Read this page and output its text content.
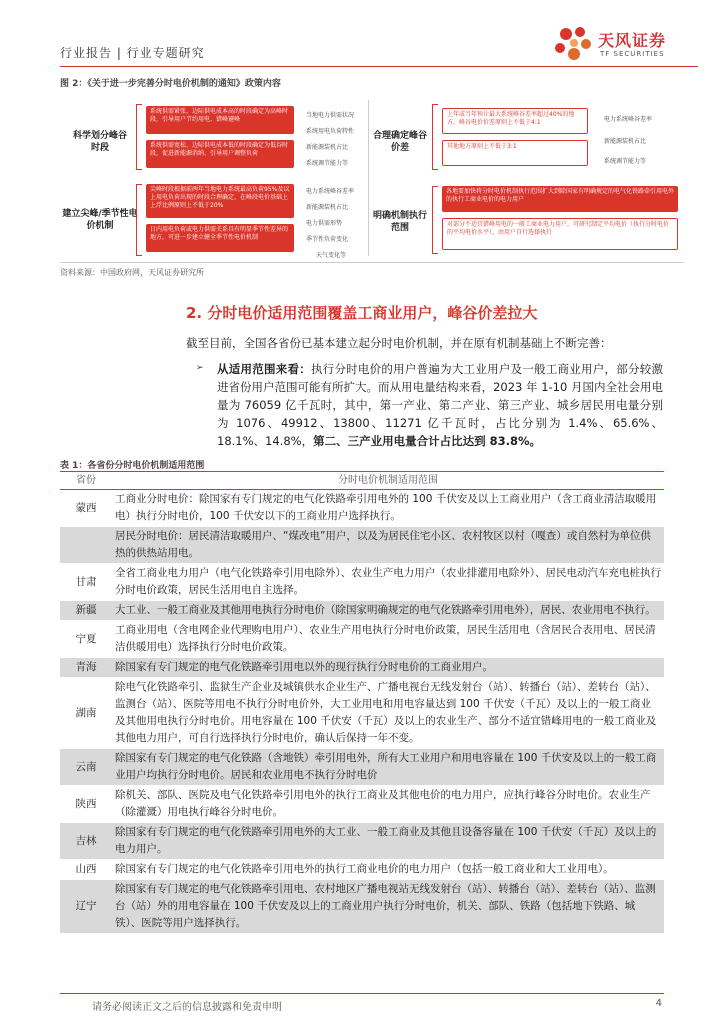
行业报告 | 行业专题研究
天风证券
TF SECURITIES
图 2：《关于进一步完善分时电价机制的通知》政策内容
科学划分峰谷时段
系统供需紧张、边际供电成本高的时段确定为高峰时段，引导用户节约用电、错峰避峰
系统供需宽松、边际供电成本低的时段确定为低谷时段，促进新能源消纳、引导用户调整负荷
当地电力供需状况
系统用电负荷特性
新能源装机占比
系统调节能力等
建立尖峰/季节性电价机制
尖峰时段根据前两年当地电力系统最高负荷95%及以上用电负荷出现的时段合理确定，在峰段电价基础上上浮比例原则上不低于20%
日内用电负荷或电力供需关系具有明显季节性差异的地方，可进一步建立健全季节性电价机制
电力系统峰谷差率
新能源装机占比
电力供需形势
季节性负荷变化
天气变化等
合理确定峰谷价差
上年或当年预计最大系统峰谷差率超过40%的地方，峰谷电价价差原则上不低于4:1
其他地方原则上不低于3:1
电力系统峰谷差率
新能源装机占比
系统调节能力等
明确机制执行范围
各地要加快将分时电价机制执行范围扩大到除国家有明确规定的电气化铁路牵引用电外的执行工商业电价的电力用户
对部分不适宜错峰用电的一般工商业电力用户，可研究制定平均电价（执行分时电价的平均电价水平），由用户自行选择执行
资料来源：中国政府网，天风证券研究所
2. 分时电价适用范围覆盖工商业用户，峰谷价差拉大
截至目前，全国各省份已基本建立起分时电价机制，并在原有机制基础上不断完善：
➢ 从适用范围来看：执行分时电价的用户普遍为大工业用户及一般工商业用户，部分较激进省份用户范围可能有所扩大。而从用电量结构来看，2023 年 1-10 月国内全社会用电量为 76059 亿千瓦时，其中，第一产业、第二产业、第三产业、城乡居民用电量分别为 1076、49912、13800、11271 亿千瓦时，占比分别为 1.4%、65.6%、18.1%、14.8%，第二、三产业用电量合计占比达到 83.8%。
表 1：各省份分时电价机制适用范围
省份	分时电价机制适用范围
蒙西	工商业分时电价：除国家有专门规定的电气化铁路牵引用电外的 100 千伏安及以上工商业用户（含工商业清洁取暖用电）执行分时电价，100 千伏安以下的工商业用户选择执行。
	居民分时电价：居民清洁取暖用户、“煤改电”用户，以及为居民住宅小区、农村牧区以村（嘎查）或自然村为单位供热的供热站用电。
甘肃	全省工商业电力用户（电气化铁路牵引用电除外）、农业生产电力用户（农业排灌用电除外）、居民电动汽车充电桩执行分时电价政策，居民生活用电自主选择。
新疆	大工业、一般工商业及其他用电执行分时电价（除国家明确规定的电气化铁路牵引用电外），居民、农业用电不执行。
宁夏	工商业用电（含电网企业代理购电用户）、农业生产用电执行分时电价政策，居民生活用电（含居民合表用电、居民清洁供暖用电）选择执行分时电价政策。
青海	除国家有专门规定的电气化铁路牵引用电以外的现行执行分时电价的工商业用户。
湖南	除电气化铁路牵引、监狱生产企业及城镇供水企业生产、广播电视台无线发射台（站）、转播台（站）、差转台（站）、监测台（站）、医院等用电不执行分时电价外，大工业用电和用电容量达到 100 千伏安（千瓦）及以上的一般工商业及其他用电执行分时电价。用电容量在 100 千伏安（千瓦）及以上的农业生产、部分不适宜错峰用电的一般工商业及其他电力用户，可自行选择执行分时电价，确认后保持一年不变。
云南	除国家有专门规定的电气化铁路（含地铁）牵引用电外，所有大工业用户和用电容量在 100 千伏安及以上的一般工商业用户均执行分时电价。居民和农业用电不执行分时电价
陕西	除机关、部队、医院及电气化铁路牵引用电外的执行工商业及其他电价的电力用户，应执行峰谷分时电价。农业生产（除灌溉）用电执行峰谷分时电价。
吉林	除国家有专门规定的电气化铁路牵引用电外的大工业、一般工商业及其他且设备容量在 100 千伏安（千瓦）及以上的电力用户。
山西	除国家有专门规定的电气化铁路牵引用电外的执行工商业电价的电力用户（包括一般工商业和大工业用电）。
辽宁	除国家有专门规定的电气化铁路牵引用电、农村地区广播电视站无线发射台（站）、转播台（站）、差转台（站）、监测台（站）外的用电容量在 100 千伏安及以上的工商业用户执行分时电价，机关、部队、铁路（包括地下铁路、城铁）、医院等用户选择执行。
请务必阅读正文之后的信息披露和免责申明	4
